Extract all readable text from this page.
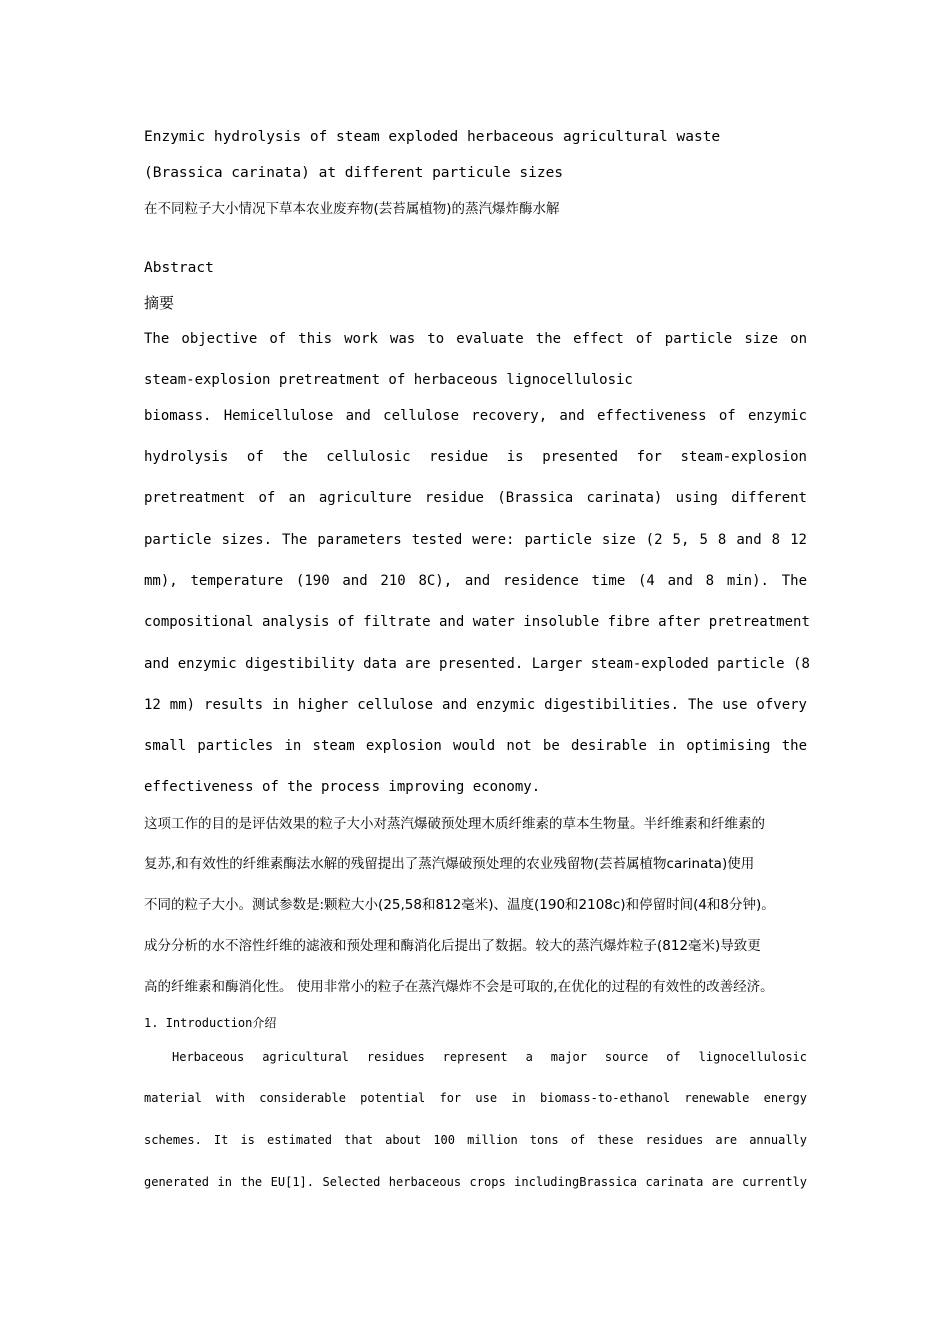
Enzymic hydrolysis of steam exploded herbaceous agricultural waste
(Brassica carinata) at different particule sizes
在不同粒子大小情况下草本农业废弃物(芸苔属植物)的蒸汽爆炸酶水解
Abstract
摘要
The objective of this work was to evaluate the effect of particle size on
steam-explosion pretreatment of herbaceous lignocellulosic
biomass. Hemicellulose and cellulose recovery, and effectiveness of enzymic
hydrolysis of the cellulosic residue is presented for steam-explosion
pretreatment of an agriculture residue (Brassica carinata) using different
particle sizes. The parameters tested were: particle size (2 5, 5 8 and 8 12
mm), temperature (190 and 210 8C), and residence time (4 and 8 min). The
compositional analysis of filtrate and water insoluble fibre after pretreatment
and enzymic digestibility data are presented. Larger steam-exploded particle (8
12 mm) results in higher cellulose and enzymic digestibilities. The use ofvery
small particles in steam explosion would not be desirable in optimising the
effectiveness of the process improving economy.
这项工作的目的是评估效果的粒子大小对蒸汽爆破预处理木质纤维素的草本生物量。半纤维素和纤维素的
复苏,和有效性的纤维素酶法水解的残留提出了蒸汽爆破预处理的农业残留物(芸苔属植物carinata)使用
不同的粒子大小。测试参数是:颗粒大小(25,58和812毫米)、温度(190和2108c)和停留时间(4和8分钟)。
成分分析的水不溶性纤维的滤液和预处理和酶消化后提出了数据。较大的蒸汽爆炸粒子(812毫米)导致更
高的纤维素和酶消化性。 使用非常小的粒子在蒸汽爆炸不会是可取的,在优化的过程的有效性的改善经济。
1. Introduction介绍
Herbaceous agricultural residues represent a major source of lignocellulosic
material with considerable potential for use in biomass-to-ethanol renewable energy
schemes. It is estimated that about 100 million tons of these residues are annually
generated in the EU[1]. Selected herbaceous crops includingBrassica carinata are currently
